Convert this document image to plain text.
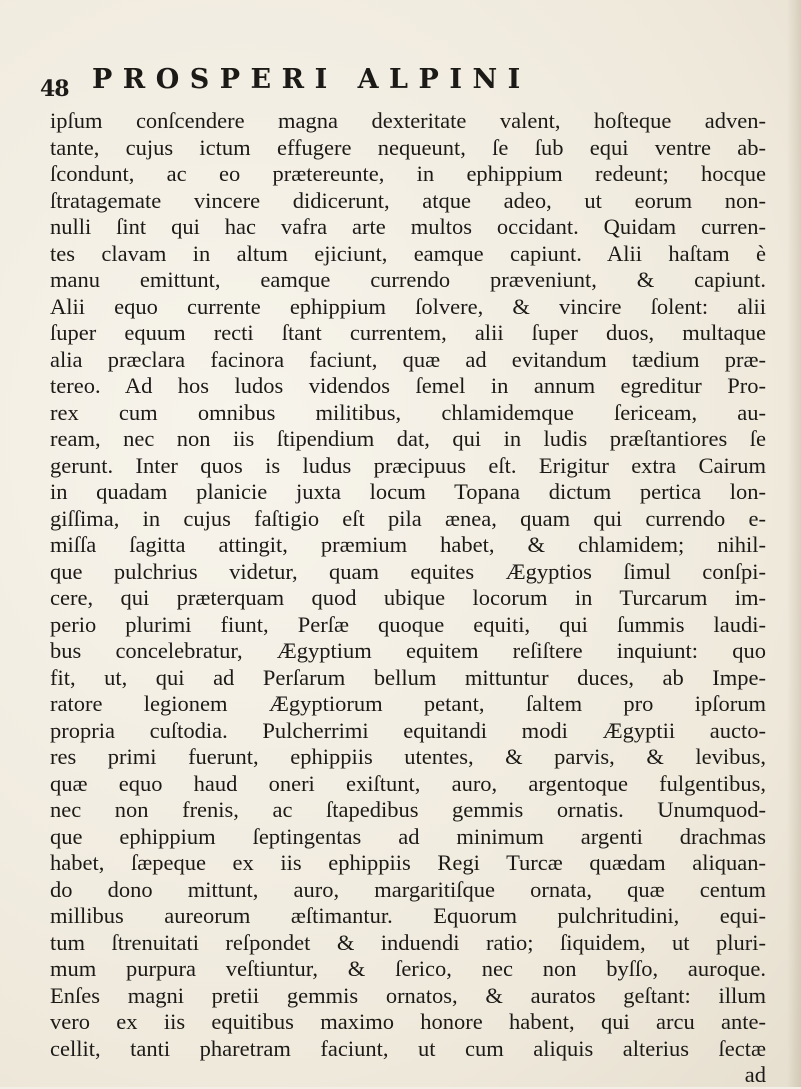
48 PROSPERI ALPINI
ipſum conſcendere magna dexteritate valent, hoſteque adven-
tante, cujus ictum effugere nequeunt, ſe ſub equi ventre ab-
ſcondunt, ac eo prætereunte, in ephippium redeunt; hocque
ſtratagemate vincere didicerunt, atque adeo, ut eorum non-
nulli ſint qui hac vafra arte multos occidant. Quidam curren-
tes clavam in altum ejiciunt, eamque capiunt. Alii haſtam è
manu emittunt, eamque currendo præveniunt, & capiunt.
Alii equo currente ephippium ſolvere, & vincire ſolent: alii
ſuper equum recti ſtant currentem, alii ſuper duos, multaque
alia præclara facinora faciunt, quæ ad evitandum tædium præ-
tereo. Ad hos ludos videndos ſemel in annum egreditur Pro-
rex cum omnibus militibus, chlamidemque ſericeam, au-
ream, nec non iis ſtipendium dat, qui in ludis præſtantiores ſe
gerunt. Inter quos is ludus præcipuus eſt. Erigitur extra Cairum
in quadam planicie juxta locum Topana dictum pertica lon-
giſſima, in cujus faſtigio eſt pila ænea, quam qui currendo e-
miſſa ſagitta attingit, præmium habet, & chlamidem; nihil-
que pulchrius videtur, quam equites Ægyptios ſimul conſpi-
cere, qui præterquam quod ubique locorum in Turcarum im-
perio plurimi fiunt, Perſæ quoque equiti, qui ſummis laudi-
bus concelebratur, Ægyptium equitem reſiſtere inquiunt: quo
fit, ut, qui ad Perſarum bellum mittuntur duces, ab Impe-
ratore legionem Ægyptiorum petant, ſaltem pro ipſorum
propria cuſtodia. Pulcherrimi equitandi modi Ægyptii aucto-
res primi fuerunt, ephippiis utentes, & parvis, & levibus,
quæ equo haud oneri exiſtunt, auro, argentoque fulgentibus,
nec non frenis, ac ſtapedibus gemmis ornatis. Unumquod-
que ephippium ſeptingentas ad minimum argenti drachmas
habet, ſæpeque ex iis ephippiis Regi Turcæ quædam aliquan-
do dono mittunt, auro, margaritiſque ornata, quæ centum
millibus aureorum æſtimantur. Equorum pulchritudini, equi-
tum ſtrenuitati reſpondet & induendi ratio; ſiquidem, ut pluri-
mum purpura veſtiuntur, & ſerico, nec non byſſo, auroque.
Enſes magni pretii gemmis ornatos, & auratos geſtant: illum
vero ex iis equitibus maximo honore habent, qui arcu ante-
cellit, tanti pharetram faciunt, ut cum aliquis alterius ſectæ
ad
